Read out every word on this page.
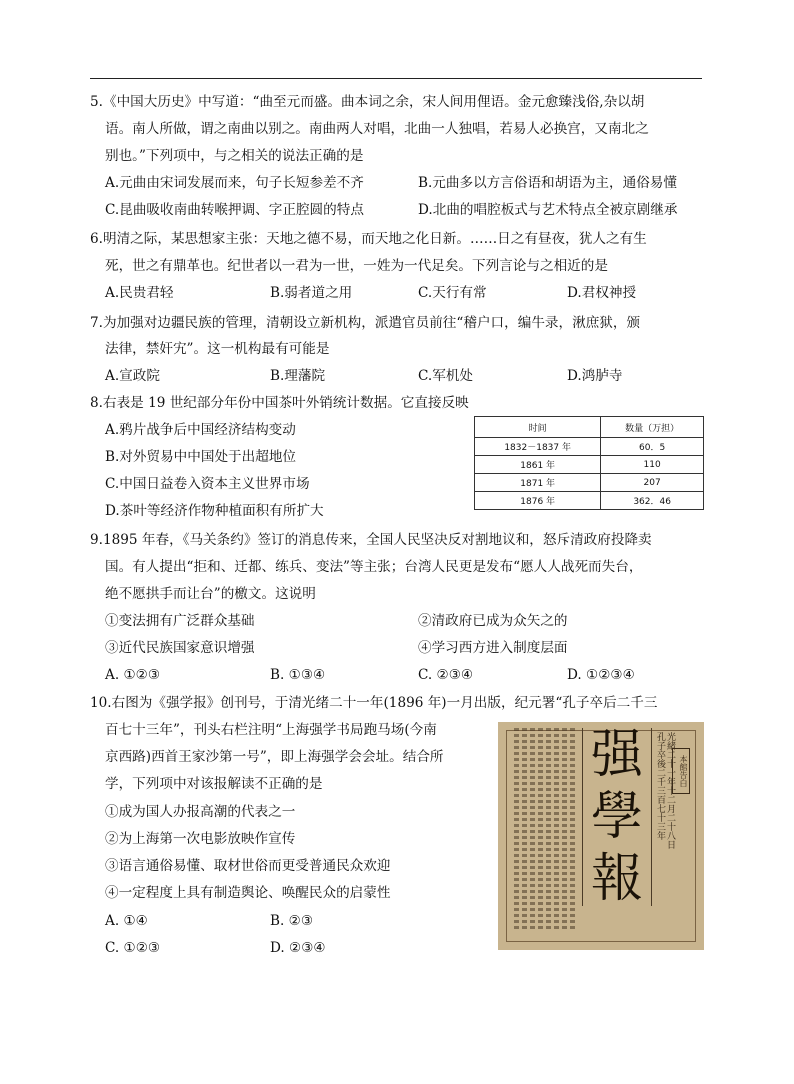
5.《中国大历史》中写道：“曲至元而盛。曲本词之余，宋人间用俚语。金元愈臻浅俗,杂以胡
语。南人所做，谓之南曲以别之。南曲两人对唱，北曲一人独唱，若易人必换宫，又南北之
别也。”下列项中，与之相关的说法正确的是
A.元曲由宋词发展而来，句子长短参差不齐	B.元曲多以方言俗语和胡语为主，通俗易懂
C.昆曲吸收南曲转喉押调、字正腔圆的特点	D.北曲的唱腔板式与艺术特点全被京剧继承
6.明清之际，某思想家主张：天地之德不易，而天地之化日新。……日之有昼夜，犹人之有生
死，世之有鼎革也。纪世者以一君为一世，一姓为一代足矣。下列言论与之相近的是
A.民贵君轻	B.弱者道之用	C.天行有常	D.君权神授
7.为加强对边疆民族的管理，清朝设立新机构，派遣官员前往“稽户口，编牛录，湫庶狱，颁
法律，禁奸宄”。这一机构最有可能是
A.宣政院	B.理藩院	C.军机处	D.鸿胪寺
8.右表是 19 世纪部分年份中国茶叶外销统计数据。它直接反映
A.鸦片战争后中国经济结构变动
B.对外贸易中中国处于出超地位
C.中国日益卷入资本主义世界市场
D.茶叶等经济作物种植面积有所扩大
时间	数量（万担）
1832－1837 年	60．5
1861 年	110
1871 年	207
1876 年	362．46
9.1895 年春，《马关条约》签订的消息传来，全国人民坚决反对割地议和，怒斥清政府投降卖
国。有人提出“拒和、迁都、练兵、变法”等主张；台湾人民更是发布“愿人人战死而失台，
绝不愿拱手而让台”的檄文。这说明
①变法拥有广泛群众基础	②清政府已成为众矢之的
③近代民族国家意识增强	④学习西方进入制度层面
A. ①②③	B. ①③④	C. ②③④	D. ①②③④
10.右图为《强学报》创刊号，于清光绪二十一年(1896 年)一月出版，纪元署“孔子卒后二千三
百七十三年”，刊头右栏注明“上海强学书局跑马场(今南
京西路)西首王家沙第一号”，即上海强学会会址。结合所
学，下列项中对该报解读不正确的是
①成为国人办报高潮的代表之一
②为上海第一次电影放映作宣传
③语言通俗易懂、取材世俗而更受普通民众欢迎
④一定程度上具有制造舆论、唤醒民众的启蒙性
A. ①④	B. ②③
C. ①②③	D. ②③④
强
學
報
孔子卒後二千三百七十三年 光緒二十一年十二月二十八日 本館告白
